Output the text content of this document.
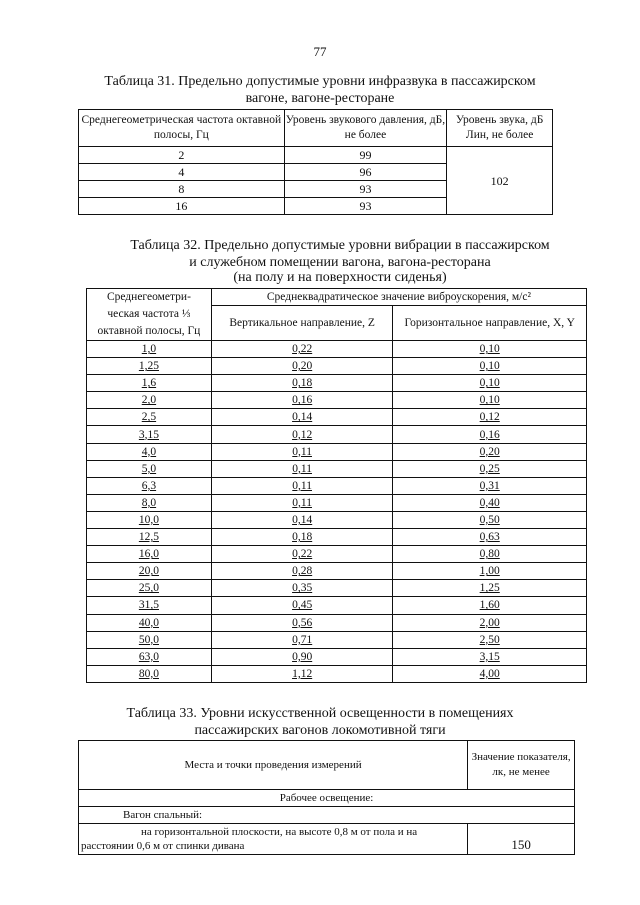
77
Таблица 31. Предельно допустимые уровни инфразвука в пассажирском
вагоне, вагоне-ресторане
Среднегеометрическая частота октавной полосы, Гц	Уровень звукового давления, дБ, не более	Уровень звука, дБ Лин, не более
2	99	102
4	96	
8	93	
16	93	
Таблица 32. Предельно допустимые уровни вибрации в пассажирском
и служебном помещении вагона, вагона-ресторана
(на полу и на поверхности сиденья)
Среднегеометри-
ческая частота ⅓
октавной полосы, Гц	Среднеквадратическое значение виброускорения, м/с²	
	Вертикальное направление, Z	Горизонтальное направление, X, Y
1,0	0,22	0,10
1,25	0,20	0,10
1,6	0,18	0,10
2,0	0,16	0,10
2,5	0,14	0,12
3,15	0,12	0,16
4,0	0,11	0,20
5,0	0,11	0,25
6,3	0,11	0,31
8,0	0,11	0,40
10,0	0,14	0,50
12,5	0,18	0,63
16,0	0,22	0,80
20,0	0,28	1,00
25,0	0,35	1,25
31,5	0,45	1,60
40,0	0,56	2,00
50,0	0,71	2,50
63,0	0,90	3,15
80,0	1,12	4,00
Таблица 33. Уровни искусственной освещенности в помещениях
пассажирских вагонов локомотивной тяги
Места и точки проведения измерений	Значение показателя, лк, не менее
Рабочее освещение:	
Вагон спальный:	
на горизонтальной плоскости, на высоте 0,8 м от пола и на
расстоянии 0,6 м от спинки дивана	150
